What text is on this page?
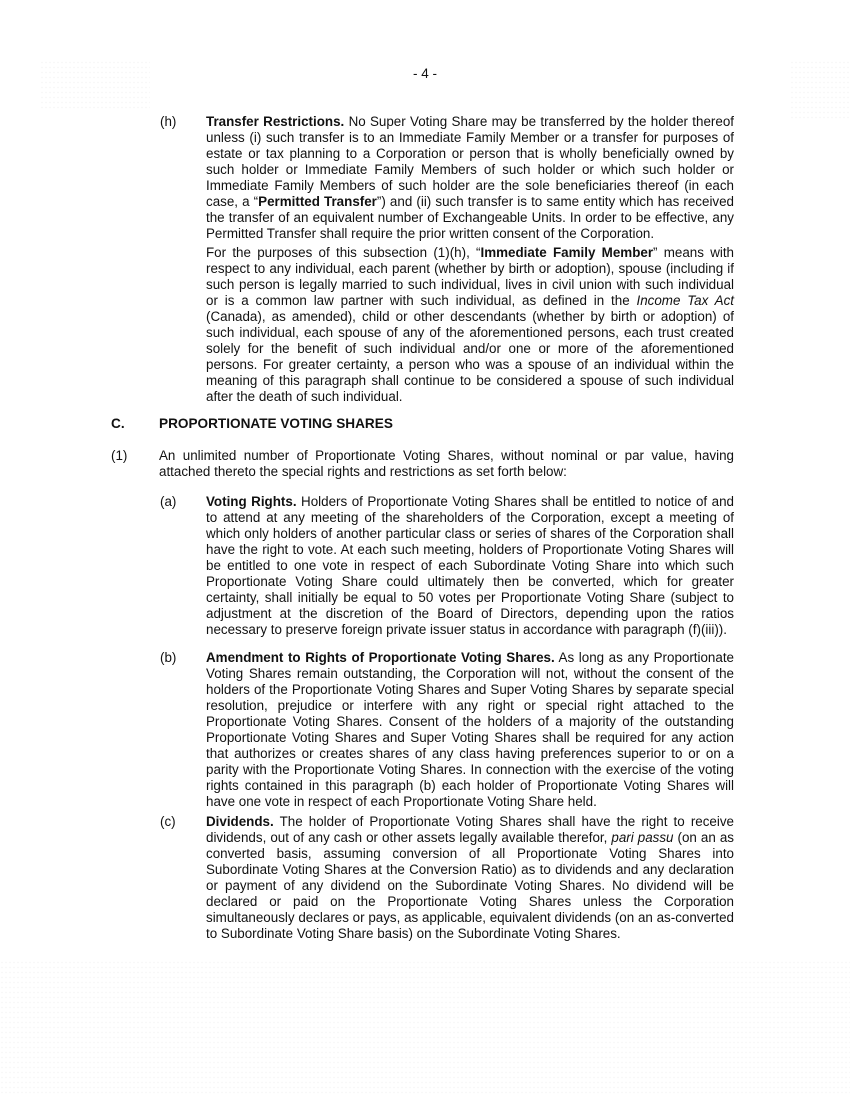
- 4 -
(h) Transfer Restrictions. No Super Voting Share may be transferred by the holder thereof unless (i) such transfer is to an Immediate Family Member or a transfer for purposes of estate or tax planning to a Corporation or person that is wholly beneficially owned by such holder or Immediate Family Members of such holder or which such holder or Immediate Family Members of such holder are the sole beneficiaries thereof (in each case, a “Permitted Transfer”) and (ii) such transfer is to same entity which has received the transfer of an equivalent number of Exchangeable Units. In order to be effective, any Permitted Transfer shall require the prior written consent of the Corporation.
For the purposes of this subsection (1)(h), “Immediate Family Member” means with respect to any individual, each parent (whether by birth or adoption), spouse (including if such person is legally married to such individual, lives in civil union with such individual or is a common law partner with such individual, as defined in the Income Tax Act (Canada), as amended), child or other descendants (whether by birth or adoption) of such individual, each spouse of any of the aforementioned persons, each trust created solely for the benefit of such individual and/or one or more of the aforementioned persons. For greater certainty, a person who was a spouse of an individual within the meaning of this paragraph shall continue to be considered a spouse of such individual after the death of such individual.
C.	PROPORTIONATE VOTING SHARES
(1) An unlimited number of Proportionate Voting Shares, without nominal or par value, having attached thereto the special rights and restrictions as set forth below:
(a) Voting Rights. Holders of Proportionate Voting Shares shall be entitled to notice of and to attend at any meeting of the shareholders of the Corporation, except a meeting of which only holders of another particular class or series of shares of the Corporation shall have the right to vote. At each such meeting, holders of Proportionate Voting Shares will be entitled to one vote in respect of each Subordinate Voting Share into which such Proportionate Voting Share could ultimately then be converted, which for greater certainty, shall initially be equal to 50 votes per Proportionate Voting Share (subject to adjustment at the discretion of the Board of Directors, depending upon the ratios necessary to preserve foreign private issuer status in accordance with paragraph (f)(iii)).
(b) Amendment to Rights of Proportionate Voting Shares. As long as any Proportionate Voting Shares remain outstanding, the Corporation will not, without the consent of the holders of the Proportionate Voting Shares and Super Voting Shares by separate special resolution, prejudice or interfere with any right or special right attached to the Proportionate Voting Shares. Consent of the holders of a majority of the outstanding Proportionate Voting Shares and Super Voting Shares shall be required for any action that authorizes or creates shares of any class having preferences superior to or on a parity with the Proportionate Voting Shares. In connection with the exercise of the voting rights contained in this paragraph (b) each holder of Proportionate Voting Shares will have one vote in respect of each Proportionate Voting Share held.
(c) Dividends. The holder of Proportionate Voting Shares shall have the right to receive dividends, out of any cash or other assets legally available therefor, pari passu (on an as converted basis, assuming conversion of all Proportionate Voting Shares into Subordinate Voting Shares at the Conversion Ratio) as to dividends and any declaration or payment of any dividend on the Subordinate Voting Shares. No dividend will be declared or paid on the Proportionate Voting Shares unless the Corporation simultaneously declares or pays, as applicable, equivalent dividends (on an as-converted to Subordinate Voting Share basis) on the Subordinate Voting Shares.
